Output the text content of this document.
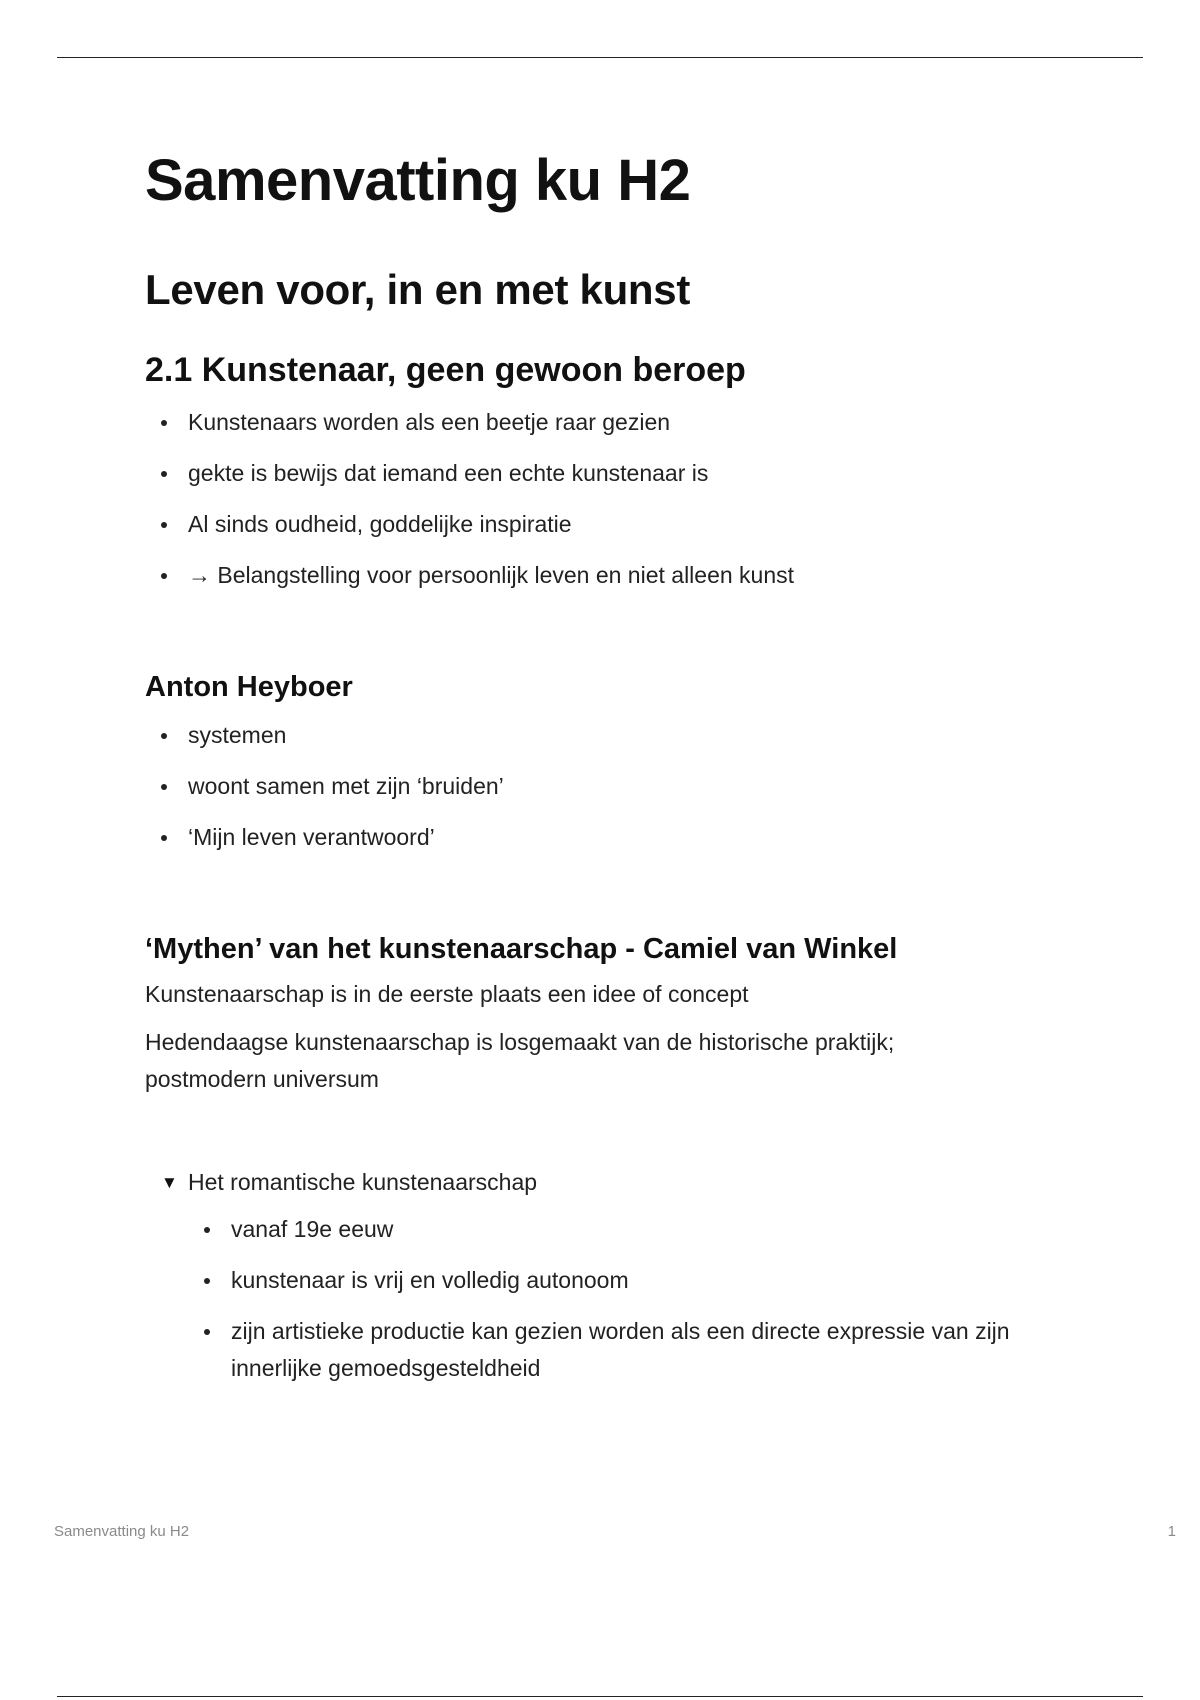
Samenvatting ku H2
Leven voor, in en met kunst
2.1 Kunstenaar, geen gewoon beroep
Kunstenaars worden als een beetje raar gezien
gekte is bewijs dat iemand een echte kunstenaar is
Al sinds oudheid, goddelijke inspiratie
→ Belangstelling voor persoonlijk leven en niet alleen kunst
Anton Heyboer
systemen
woont samen met zijn ‘bruiden’
‘Mijn leven verantwoord’
‘Mythen’ van het kunstenaarschap - Camiel van Winkel

Kunstenaarschap is in de eerste plaats een idee of concept

Hedendaagse kunstenaarschap is losgemaakt van de historische praktijk; postmodern universum

▼ Het romantische kunstenaarschap
vanaf 19e eeuw
kunstenaar is vrij en volledig autonoom
zijn artistieke productie kan gezien worden als een directe expressie van zijn innerlijke gemoedsgesteldheid
Samenvatting ku H2	1
